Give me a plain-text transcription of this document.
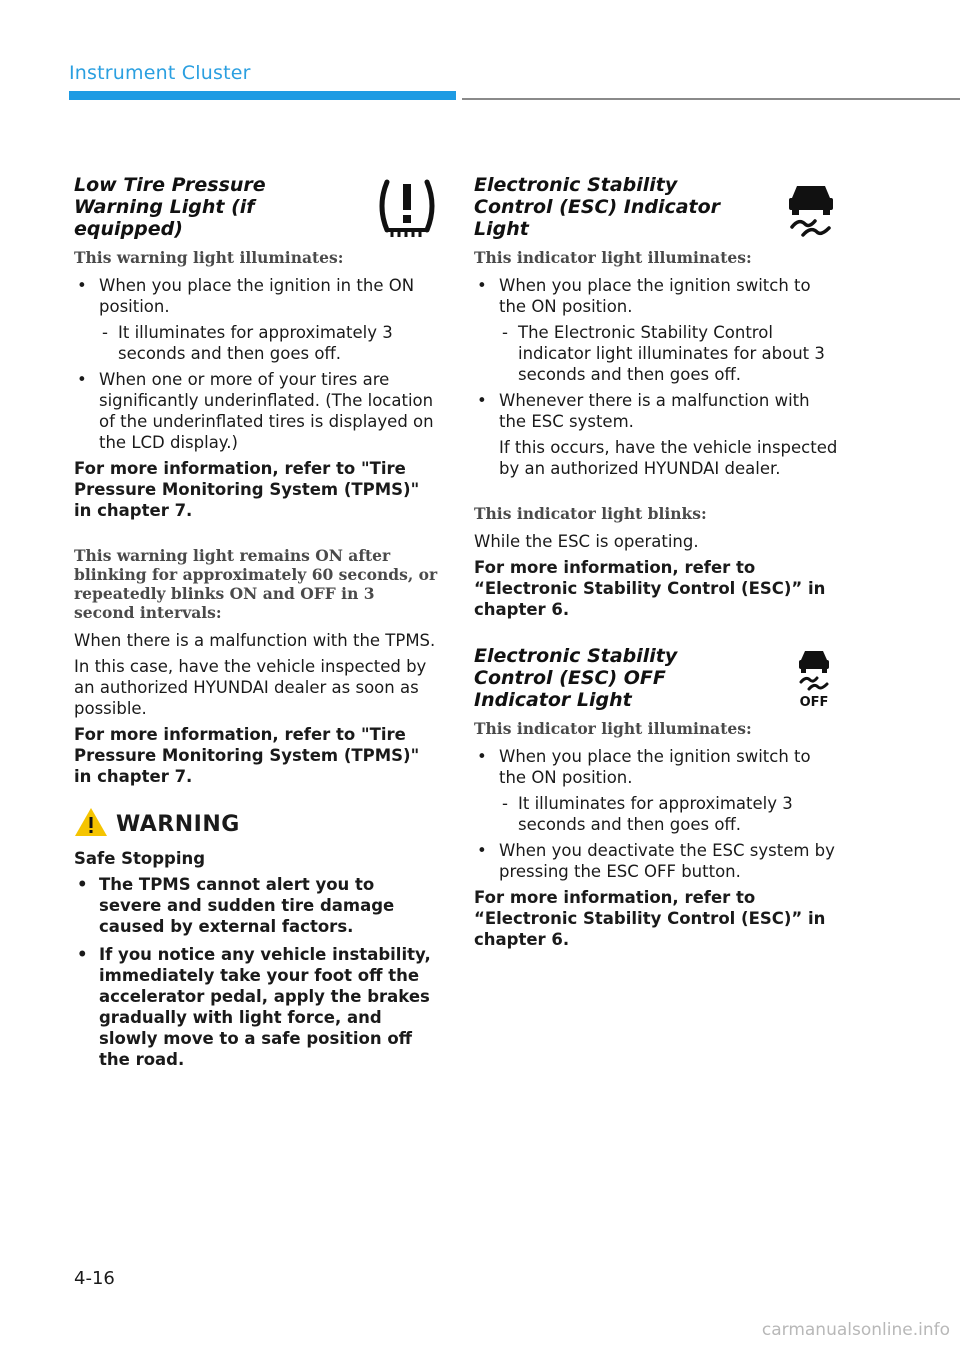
Instrument Cluster
Low Tire Pressure Warning Light (if equipped)
This warning light illuminates:
• When you place the ignition in the ON position.
- It illuminates for approximately 3 seconds and then goes off.
• When one or more of your tires are significantly underinflated. (The location of the underinflated tires is displayed on the LCD display.)

For more information, refer to "Tire Pressure Monitoring System (TPMS)" in chapter 7.

This warning light remains ON after blinking for approximately 60 seconds, or repeatedly blinks ON and OFF in 3 second intervals:

When there is a malfunction with the TPMS.

In this case, have the vehicle inspected by an authorized HYUNDAI dealer as soon as possible.

For more information, refer to "Tire Pressure Monitoring System (TPMS)" in chapter 7.

WARNING

Safe Stopping

• The TPMS cannot alert you to severe and sudden tire damage caused by external factors.
• If you notice any vehicle instability, immediately take your foot off the accelerator pedal, apply the brakes gradually with light force, and slowly move to a safe position off the road.
Electronic Stability Control (ESC) Indicator Light
This indicator light illuminates:
• When you place the ignition switch to the ON position.
- The Electronic Stability Control indicator light illuminates for about 3 seconds and then goes off.
• Whenever there is a malfunction with the ESC system.
If this occurs, have the vehicle inspected by an authorized HYUNDAI dealer.
This indicator light blinks:

While the ESC is operating.

For more information, refer to “Electronic Stability Control (ESC)” in chapter 6.

Electronic Stability Control (ESC) OFF Indicator Light	OFF
This indicator light illuminates:
• When you place the ignition switch to the ON position.
- It illuminates for approximately 3 seconds and then goes off.
• When you deactivate the ESC system by pressing the ESC OFF button.

For more information, refer to “Electronic Stability Control (ESC)” in chapter 6.

4-16
carmanualsonline.info
